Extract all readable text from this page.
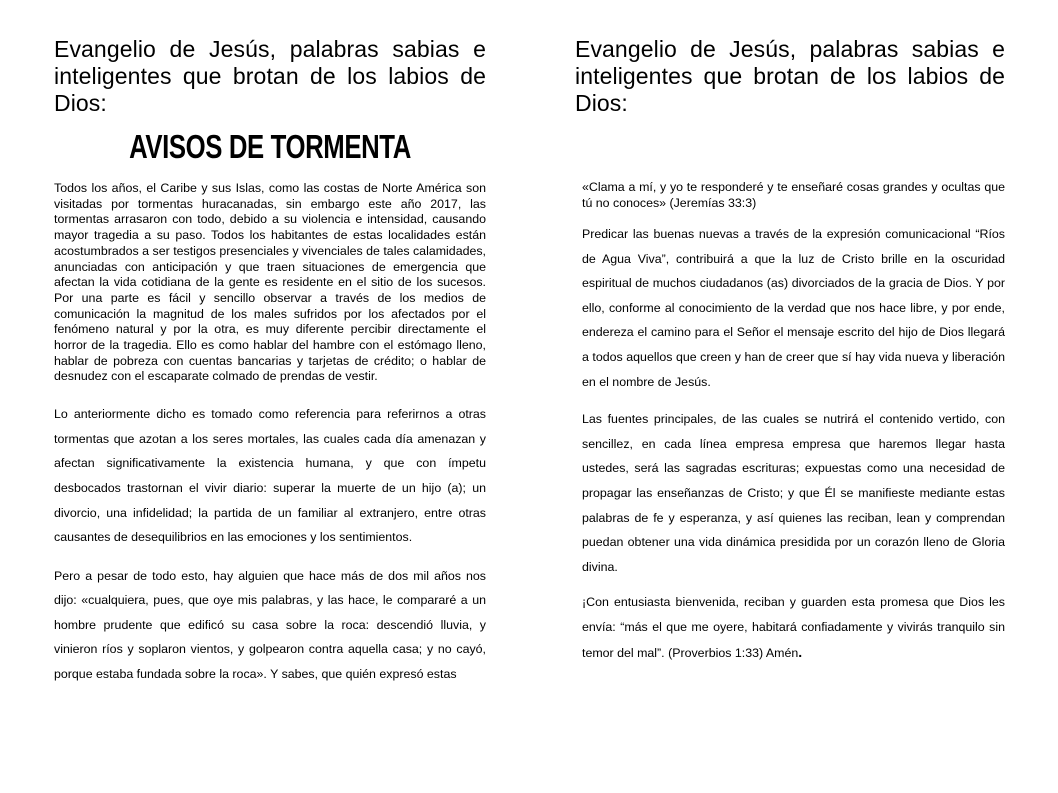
Evangelio de Jesús, palabras sabias e inteligentes que brotan de los labios de Dios:
AVISOS DE TORMENTA

Todos los años, el Caribe y sus Islas, como las costas de Norte América son visitadas por tormentas huracanadas, sin embargo este año 2017, las tormentas arrasaron con todo, debido a su violencia e intensidad, causando mayor tragedia a su paso. Todos los habitantes de estas localidades están acostumbrados a ser testigos presenciales y vivenciales de tales calamidades, anunciadas con anticipación y que traen situaciones de emergencia que afectan la vida cotidiana de la gente es residente en el sitio de los sucesos. Por una parte es fácil y sencillo observar a través de los medios de comunicación la magnitud de los males sufridos por los afectados por el fenómeno natural y por la otra, es muy diferente percibir directamente el horror de la tragedia. Ello es como hablar del hambre con el estómago lleno, hablar de pobreza con cuentas bancarias y tarjetas de crédito; o hablar de desnudez con el escaparate colmado de prendas de vestir.

Lo anteriormente dicho es tomado como referencia para referirnos a otras tormentas que azotan a los seres mortales, las cuales cada día amenazan y afectan significativamente la existencia humana, y que con ímpetu desbocados trastornan el vivir diario: superar la muerte de un hijo (a); un divorcio, una infidelidad; la partida de un familiar al extranjero, entre otras causantes de desequilibrios en las emociones y los sentimientos.

Pero a pesar de todo esto, hay alguien que hace más de dos mil años nos dijo: «cualquiera, pues, que oye mis palabras, y las hace, le compararé a un hombre prudente que edificó su casa sobre la roca: descendió lluvia, y vinieron ríos y soplaron vientos, y golpearon contra aquella casa; y no cayó, porque estaba fundada sobre la roca». Y sabes, que quién expresó estas

Evangelio de Jesús, palabras sabias e inteligentes que brotan de los labios de Dios:

«Clama a mí, y yo te responderé y te enseñaré cosas grandes y ocultas que tú no conoces» (Jeremías 33:3)

Predicar las buenas nuevas a través de la expresión comunicacional “Ríos de Agua Viva”, contribuirá a que la luz de Cristo brille en la oscuridad espiritual de muchos ciudadanos (as) divorciados de la gracia de Dios. Y por ello, conforme al conocimiento de la verdad que nos hace libre, y por ende, endereza el camino para el Señor el mensaje escrito del hijo de Dios llegará a todos aquellos que creen y han de creer que sí hay vida nueva y liberación en el nombre de Jesús.

Las fuentes principales, de las cuales se nutrirá el contenido vertido, con sencillez, en cada línea empresa empresa que haremos llegar hasta ustedes, será las sagradas escrituras; expuestas como una necesidad de propagar las enseñanzas de Cristo; y que Él se manifieste mediante estas palabras de fe y esperanza, y así quienes las reciban, lean y comprendan puedan obtener una vida dinámica presidida por un corazón lleno de Gloria divina.

¡Con entusiasta bienvenida, reciban y guarden esta promesa que Dios les envía: “más el que me oyere, habitará confiadamente y vivirás tranquilo sin temor del mal”. (Proverbios 1:33) Amén.
